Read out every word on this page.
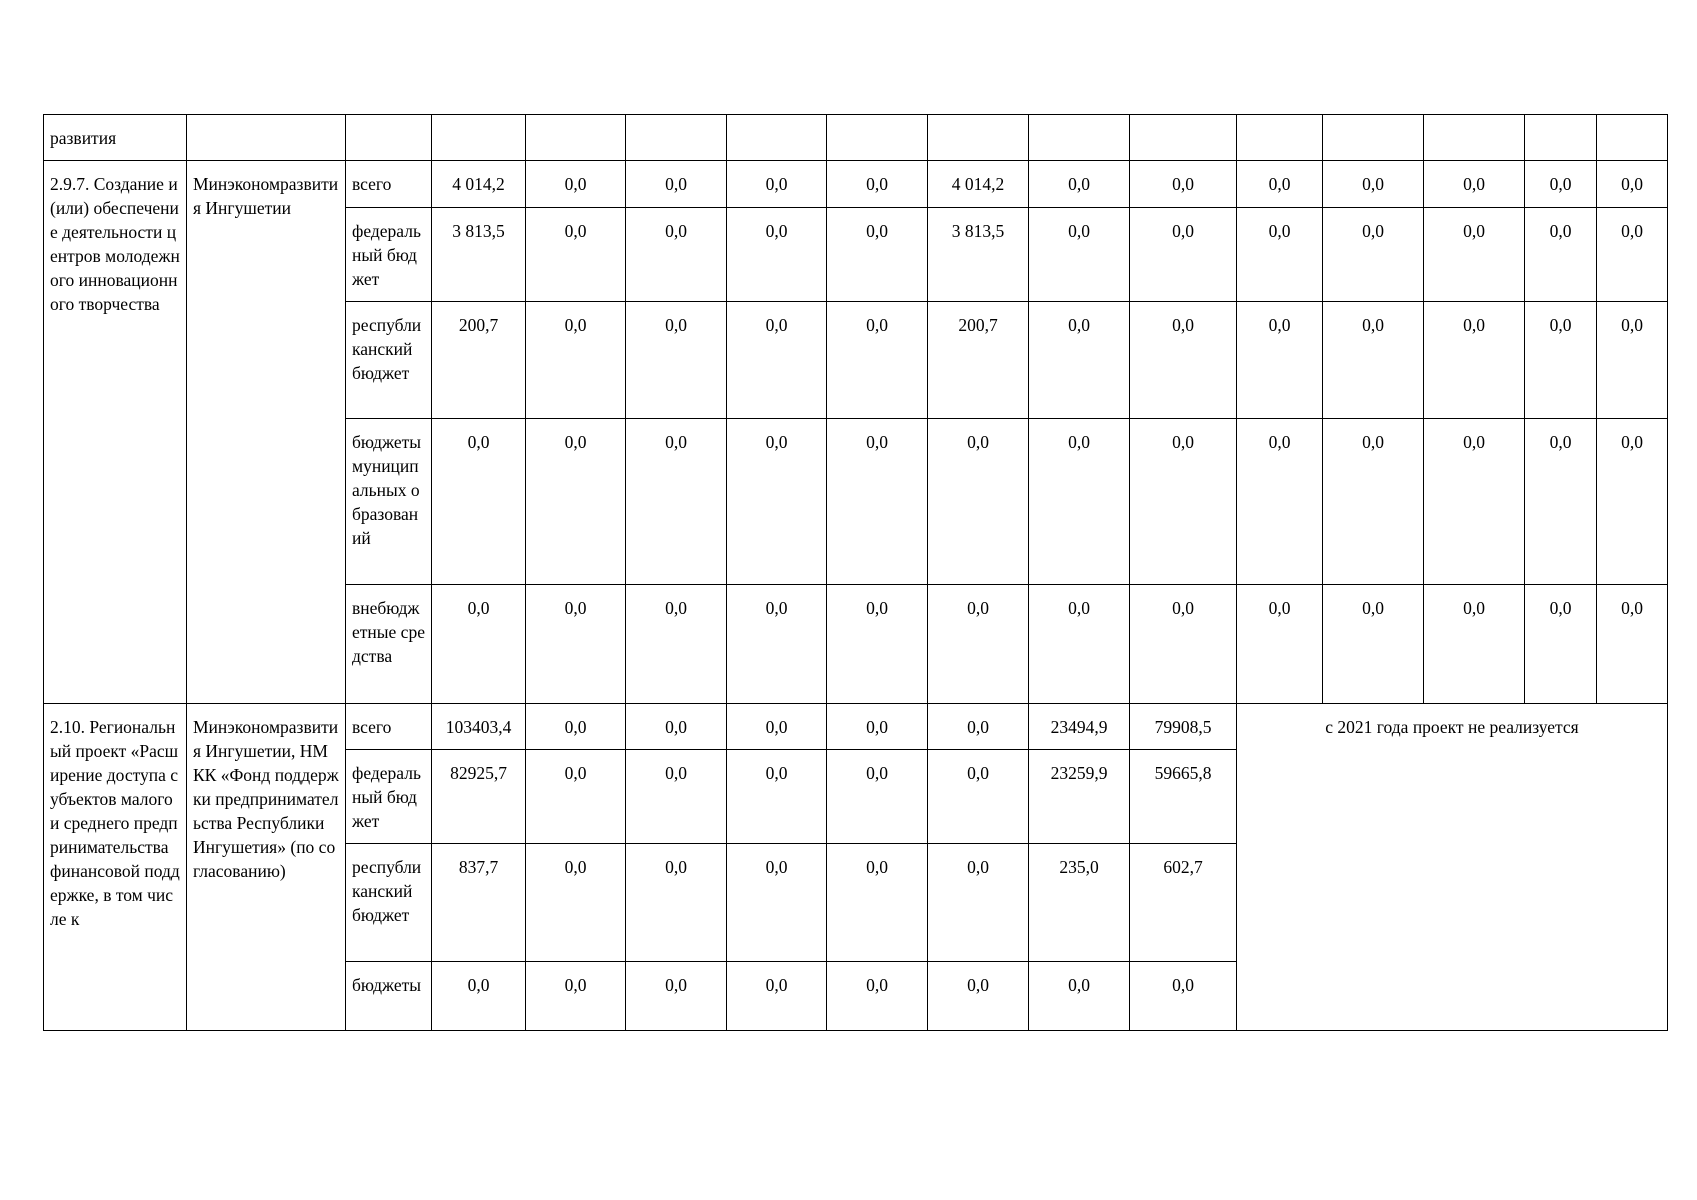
развития															
2.9.7. Создание и (или) обеспечение деятельности центров молодежного инновационного творчества	Минэкономразвития Ингушетии	всего	4 014,2	0,0	0,0	0,0	0,0	4 014,2	0,0	0,0	0,0	0,0	0,0	0,0	0,0
		федеральный бюджет	3 813,5	0,0	0,0	0,0	0,0	3 813,5	0,0	0,0	0,0	0,0	0,0	0,0	0,0
		республиканский бюджет	200,7	0,0	0,0	0,0	0,0	200,7	0,0	0,0	0,0	0,0	0,0	0,0	0,0
		бюджеты муниципальных образований	0,0	0,0	0,0	0,0	0,0	0,0	0,0	0,0	0,0	0,0	0,0	0,0	0,0
		внебюджетные средства	0,0	0,0	0,0	0,0	0,0	0,0	0,0	0,0	0,0	0,0	0,0	0,0	0,0
2.10. Региональный проект «Расширение доступа субъектов малого и среднего предпринимательства финансовой поддержке, в том числе к	Минэкономразвития Ингушетии, НМКК «Фонд поддержки предпринимательства Республики Ингушетия» (по согласованию)	всего	103403,4	0,0	0,0	0,0	0,0	0,0	23494,9	79908,5	с 2021 года проект не реализуется				
		федеральный бюджет	82925,7	0,0	0,0	0,0	0,0	0,0	23259,9	59665,8					
		республиканский бюджет	837,7	0,0	0,0	0,0	0,0	0,0	235,0	602,7					
		бюджеты	0,0	0,0	0,0	0,0	0,0	0,0	0,0	0,0					
